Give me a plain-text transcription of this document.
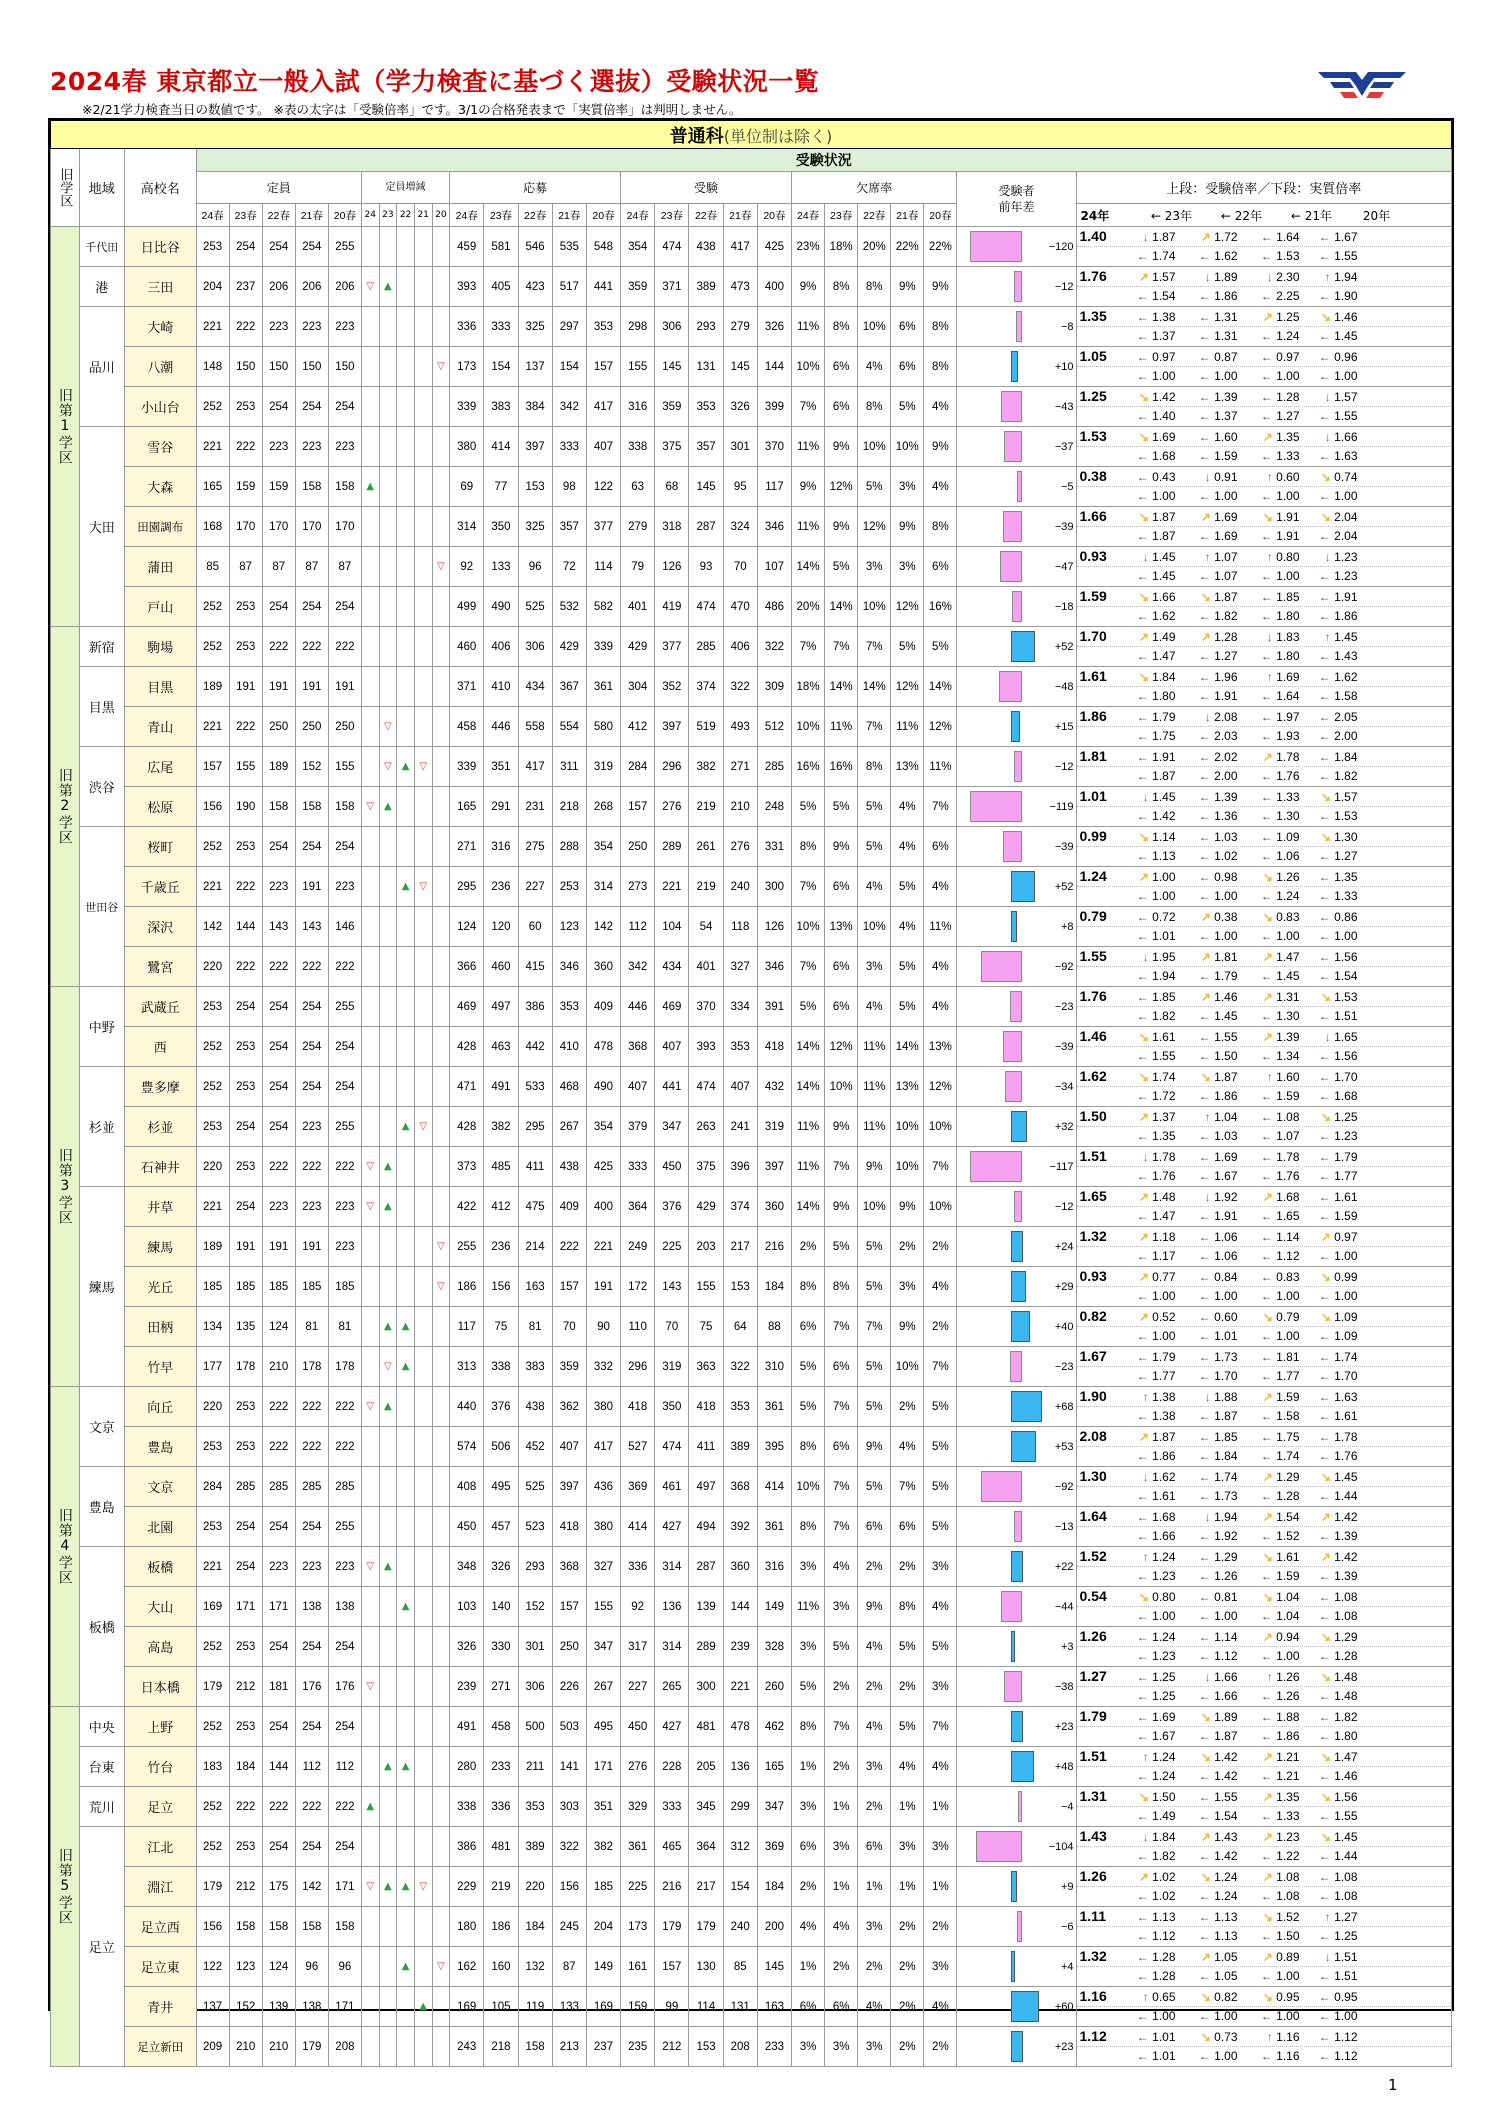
2024春 東京都立一般入試（学力検査に基づく選抜）受験状況一覧
※2/21学力検査当日の数値です。 ※表の太字は「受験倍率」です。3/1の合格発表まで「実質倍率」は判明しません。
普通科(単位制は除く)																													
旧学区	地域	高校名	受験状況																										
			定員					定員増減					応募					受験					欠席率					受験者
前年差	上段：受験倍率／下段：実質倍率
			24春	23春	22春	21春	20春	24	23	22	21	20	24春	23春	22春	21春	20春	24春	23春	22春	21春	20春	24春	23春	22春	21春	20春		24年 ← 23年 ← 22年 ← 21年 20年
旧第1学区	千代田	日比谷	253	254	254	254	255						459	581	546	535	548	354	474	438	417	425	23%	18%	20%	22%	22%	−120	1.40 ↓ 1.87 ↗ 1.72 ← 1.64 ← 1.67
← 1.74 ← 1.62 ← 1.53 ← 1.55

	港	三田	204	237	206	206	206	▽	▲				393	405	423	517	441	359	371	389	473	400	9%	8%	8%	9%	9%	−12	1.76 ↗ 1.57 ↓ 1.89 ↓ 2.30 ↑ 1.94
← 1.54 ← 1.86 ← 2.25 ← 1.90

	品川	大崎	221	222	223	223	223						336	333	325	297	353	298	306	293	279	326	11%	8%	10%	6%	8%	−8	1.35 ← 1.38 ← 1.31 ↗ 1.25 ↘ 1.46
← 1.37 ← 1.31 ← 1.24 ← 1.45

		八潮	148	150	150	150	150					▽	173	154	137	154	157	155	145	131	145	144	10%	6%	4%	6%	8%	+10	1.05 ← 0.97 ← 0.87 ← 0.97 ← 0.96
← 1.00 ← 1.00 ← 1.00 ← 1.00

		小山台	252	253	254	254	254						339	383	384	342	417	316	359	353	326	399	7%	6%	8%	5%	4%	−43	1.25 ↘ 1.42 ← 1.39 ← 1.28 ↓ 1.57
← 1.40 ← 1.37 ← 1.27 ← 1.55

	大田	雪谷	221	222	223	223	223						380	414	397	333	407	338	375	357	301	370	11%	9%	10%	10%	9%	−37	1.53 ↘ 1.69 ← 1.60 ↗ 1.35 ↓ 1.66
← 1.68 ← 1.59 ← 1.33 ← 1.63

		大森	165	159	159	158	158	▲					69	77	153	98	122	63	68	145	95	117	9%	12%	5%	3%	4%	−5	0.38 ← 0.43 ↓ 0.91 ↑ 0.60 ↘ 0.74
← 1.00 ← 1.00 ← 1.00 ← 1.00

		田園調布	168	170	170	170	170						314	350	325	357	377	279	318	287	324	346	11%	9%	12%	9%	8%	−39	1.66 ↘ 1.87 ↗ 1.69 ↘ 1.91 ↘ 2.04
← 1.87 ← 1.69 ← 1.91 ← 2.04

		蒲田	85	87	87	87	87					▽	92	133	96	72	114	79	126	93	70	107	14%	5%	3%	3%	6%	−47	0.93 ↓ 1.45 ↑ 1.07 ↑ 0.80 ↓ 1.23
← 1.45 ← 1.07 ← 1.00 ← 1.23

		戸山	252	253	254	254	254						499	490	525	532	582	401	419	474	470	486	20%	14%	10%	12%	16%	−18	1.59 ↘ 1.66 ↘ 1.87 ← 1.85 ← 1.91
← 1.62 ← 1.82 ← 1.80 ← 1.86

旧第2学区	新宿	駒場	252	253	222	222	222						460	406	306	429	339	429	377	285	406	322	7%	7%	7%	5%	5%	+52	1.70 ↗ 1.49 ↗ 1.28 ↓ 1.83 ↑ 1.45
← 1.47 ← 1.27 ← 1.80 ← 1.43

	目黒	目黒	189	191	191	191	191						371	410	434	367	361	304	352	374	322	309	18%	14%	14%	12%	14%	−48	1.61 ↘ 1.84 ← 1.96 ↑ 1.69 ← 1.62
← 1.80 ← 1.91 ← 1.64 ← 1.58

		青山	221	222	250	250	250		▽				458	446	558	554	580	412	397	519	493	512	10%	11%	7%	11%	12%	+15	1.86 ← 1.79 ↓ 2.08 ← 1.97 ← 2.05
← 1.75 ← 2.03 ← 1.93 ← 2.00

	渋谷	広尾	157	155	189	152	155		▽	▲	▽		339	351	417	311	319	284	296	382	271	285	16%	16%	8%	13%	11%	−12	1.81 ← 1.91 ← 2.02 ↗ 1.78 ← 1.84
← 1.87 ← 2.00 ← 1.76 ← 1.82

		松原	156	190	158	158	158	▽	▲				165	291	231	218	268	157	276	219	210	248	5%	5%	5%	4%	7%	−119	1.01 ↓ 1.45 ← 1.39 ← 1.33 ↘ 1.57
← 1.42 ← 1.36 ← 1.30 ← 1.53

	世田谷	桜町	252	253	254	254	254						271	316	275	288	354	250	289	261	276	331	8%	9%	5%	4%	6%	−39	0.99 ↘ 1.14 ← 1.03 ← 1.09 ↘ 1.30
← 1.13 ← 1.02 ← 1.06 ← 1.27

		千歳丘	221	222	223	191	223			▲	▽		295	236	227	253	314	273	221	219	240	300	7%	6%	4%	5%	4%	+52	1.24 ↗ 1.00 ← 0.98 ↘ 1.26 ← 1.35
← 1.00 ← 1.00 ← 1.24 ← 1.33

		深沢	142	144	143	143	146						124	120	60	123	142	112	104	54	118	126	10%	13%	10%	4%	11%	+8	0.79 ← 0.72 ↗ 0.38 ↘ 0.83 ← 0.86
← 1.01 ← 1.00 ← 1.00 ← 1.00

		鷺宮	220	222	222	222	222						366	460	415	346	360	342	434	401	327	346	7%	6%	3%	5%	4%	−92	1.55 ↓ 1.95 ↗ 1.81 ↗ 1.47 ← 1.56
← 1.94 ← 1.79 ← 1.45 ← 1.54

旧第3学区	中野	武蔵丘	253	254	254	254	255						469	497	386	353	409	446	469	370	334	391	5%	6%	4%	5%	4%	−23	1.76 ← 1.85 ↗ 1.46 ↗ 1.31 ↘ 1.53
← 1.82 ← 1.45 ← 1.30 ← 1.51

		西	252	253	254	254	254						428	463	442	410	478	368	407	393	353	418	14%	12%	11%	14%	13%	−39	1.46 ↘ 1.61 ← 1.55 ↗ 1.39 ↓ 1.65
← 1.55 ← 1.50 ← 1.34 ← 1.56

	杉並	豊多摩	252	253	254	254	254						471	491	533	468	490	407	441	474	407	432	14%	10%	11%	13%	12%	−34	1.62 ↘ 1.74 ↘ 1.87 ↑ 1.60 ← 1.70
← 1.72 ← 1.86 ← 1.59 ← 1.68

		杉並	253	254	254	223	255			▲	▽		428	382	295	267	354	379	347	263	241	319	11%	9%	11%	10%	10%	+32	1.50 ↗ 1.37 ↑ 1.04 ← 1.08 ↘ 1.25
← 1.35 ← 1.03 ← 1.07 ← 1.23

		石神井	220	253	222	222	222	▽	▲				373	485	411	438	425	333	450	375	396	397	11%	7%	9%	10%	7%	−117	1.51 ↓ 1.78 ← 1.69 ← 1.78 ← 1.79
← 1.76 ← 1.67 ← 1.76 ← 1.77

	練馬	井草	221	254	223	223	223	▽	▲				422	412	475	409	400	364	376	429	374	360	14%	9%	10%	9%	10%	−12	1.65 ↗ 1.48 ↓ 1.92 ↗ 1.68 ← 1.61
← 1.47 ← 1.91 ← 1.65 ← 1.59

		練馬	189	191	191	191	223					▽	255	236	214	222	221	249	225	203	217	216	2%	5%	5%	2%	2%	+24	1.32 ↗ 1.18 ← 1.06 ← 1.14 ↗ 0.97
← 1.17 ← 1.06 ← 1.12 ← 1.00

		光丘	185	185	185	185	185					▽	186	156	163	157	191	172	143	155	153	184	8%	8%	5%	3%	4%	+29	0.93 ↗ 0.77 ← 0.84 ← 0.83 ↘ 0.99
← 1.00 ← 1.00 ← 1.00 ← 1.00

		田柄	134	135	124	81	81		▲	▲			117	75	81	70	90	110	70	75	64	88	6%	7%	7%	9%	2%	+40	0.82 ↗ 0.52 ← 0.60 ↘ 0.79 ↘ 1.09
← 1.00 ← 1.01 ← 1.00 ← 1.09

		竹早	177	178	210	178	178		▽	▲			313	338	383	359	332	296	319	363	322	310	5%	6%	5%	10%	7%	−23	1.67 ← 1.79 ← 1.73 ← 1.81 ← 1.74
← 1.77 ← 1.70 ← 1.77 ← 1.70

旧第4学区	文京	向丘	220	253	222	222	222	▽	▲				440	376	438	362	380	418	350	418	353	361	5%	7%	5%	2%	5%	+68	1.90 ↑ 1.38 ↓ 1.88 ↗ 1.59 ← 1.63
← 1.38 ← 1.87 ← 1.58 ← 1.61

		豊島	253	253	222	222	222						574	506	452	407	417	527	474	411	389	395	8%	6%	9%	4%	5%	+53	2.08 ↗ 1.87 ← 1.85 ← 1.75 ← 1.78
← 1.86 ← 1.84 ← 1.74 ← 1.76

	豊島	文京	284	285	285	285	285						408	495	525	397	436	369	461	497	368	414	10%	7%	5%	7%	5%	−92	1.30 ↓ 1.62 ← 1.74 ↗ 1.29 ↘ 1.45
← 1.61 ← 1.73 ← 1.28 ← 1.44

		北園	253	254	254	254	255						450	457	523	418	380	414	427	494	392	361	8%	7%	6%	6%	5%	−13	1.64 ← 1.68 ↓ 1.94 ↗ 1.54 ↗ 1.42
← 1.66 ← 1.92 ← 1.52 ← 1.39

	板橋	板橋	221	254	223	223	223	▽	▲				348	326	293	368	327	336	314	287	360	316	3%	4%	2%	2%	3%	+22	1.52 ↑ 1.24 ← 1.29 ↘ 1.61 ↗ 1.42
← 1.23 ← 1.26 ← 1.59 ← 1.39

		大山	169	171	171	138	138			▲			103	140	152	157	155	92	136	139	144	149	11%	3%	9%	8%	4%	−44	0.54 ↘ 0.80 ← 0.81 ↘ 1.04 ← 1.08
← 1.00 ← 1.00 ← 1.04 ← 1.08

		高島	252	253	254	254	254						326	330	301	250	347	317	314	289	239	328	3%	5%	4%	5%	5%	+3	1.26 ← 1.24 ← 1.14 ↗ 0.94 ↘ 1.29
← 1.23 ← 1.12 ← 1.00 ← 1.28

		日本橋	179	212	181	176	176	▽					239	271	306	226	267	227	265	300	221	260	5%	2%	2%	2%	3%	−38	1.27 ← 1.25 ↓ 1.66 ↑ 1.26 ↘ 1.48
← 1.25 ← 1.66 ← 1.26 ← 1.48

旧第5学区	中央	上野	252	253	254	254	254						491	458	500	503	495	450	427	481	478	462	8%	7%	4%	5%	7%	+23	1.79 ← 1.69 ↘ 1.89 ← 1.88 ← 1.82
← 1.67 ← 1.87 ← 1.86 ← 1.80

	台東	竹台	183	184	144	112	112		▲	▲			280	233	211	141	171	276	228	205	136	165	1%	2%	3%	4%	4%	+48	1.51 ↑ 1.24 ↘ 1.42 ↗ 1.21 ↘ 1.47
← 1.24 ← 1.42 ← 1.21 ← 1.46

	荒川	足立	252	222	222	222	222	▲					338	336	353	303	351	329	333	345	299	347	3%	1%	2%	1%	1%	−4	1.31 ↘ 1.50 ← 1.55 ↗ 1.35 ↘ 1.56
← 1.49 ← 1.54 ← 1.33 ← 1.55

	足立	江北	252	253	254	254	254						386	481	389	322	382	361	465	364	312	369	6%	3%	6%	3%	3%	−104	1.43 ↓ 1.84 ↗ 1.43 ↗ 1.23 ↘ 1.45
← 1.82 ← 1.42 ← 1.22 ← 1.44

		淵江	179	212	175	142	171	▽	▲	▲	▽		229	219	220	156	185	225	216	217	154	184	2%	1%	1%	1%	1%	+9	1.26 ↗ 1.02 ↘ 1.24 ↗ 1.08 ← 1.08
← 1.02 ← 1.24 ← 1.08 ← 1.08

		足立西	156	158	158	158	158						180	186	184	245	204	173	179	179	240	200	4%	4%	3%	2%	2%	−6	1.11 ← 1.13 ← 1.13 ↘ 1.52 ↑ 1.27
← 1.12 ← 1.13 ← 1.50 ← 1.25

		足立東	122	123	124	96	96			▲		▽	162	160	132	87	149	161	157	130	85	145	1%	2%	2%	2%	3%	+4	1.32 ← 1.28 ↗ 1.05 ↗ 0.89 ↓ 1.51
← 1.28 ← 1.05 ← 1.00 ← 1.51

		青井	137	152	139	138	171				▲		169	105	119	133	169	159	99	114	131	163	6%	6%	4%	2%	4%	+60	1.16 ↑ 0.65 ↘ 0.82 ↘ 0.95 ← 0.95
← 1.00 ← 1.00 ← 1.00 ← 1.00

		足立新田	209	210	210	179	208						243	218	158	213	237	235	212	153	208	233	3%	3%	3%	2%	2%	+23	1.12 ← 1.01 ↘ 0.73 ↑ 1.16 ← 1.12
← 1.01 ← 1.00 ← 1.16 ← 1.12
1
